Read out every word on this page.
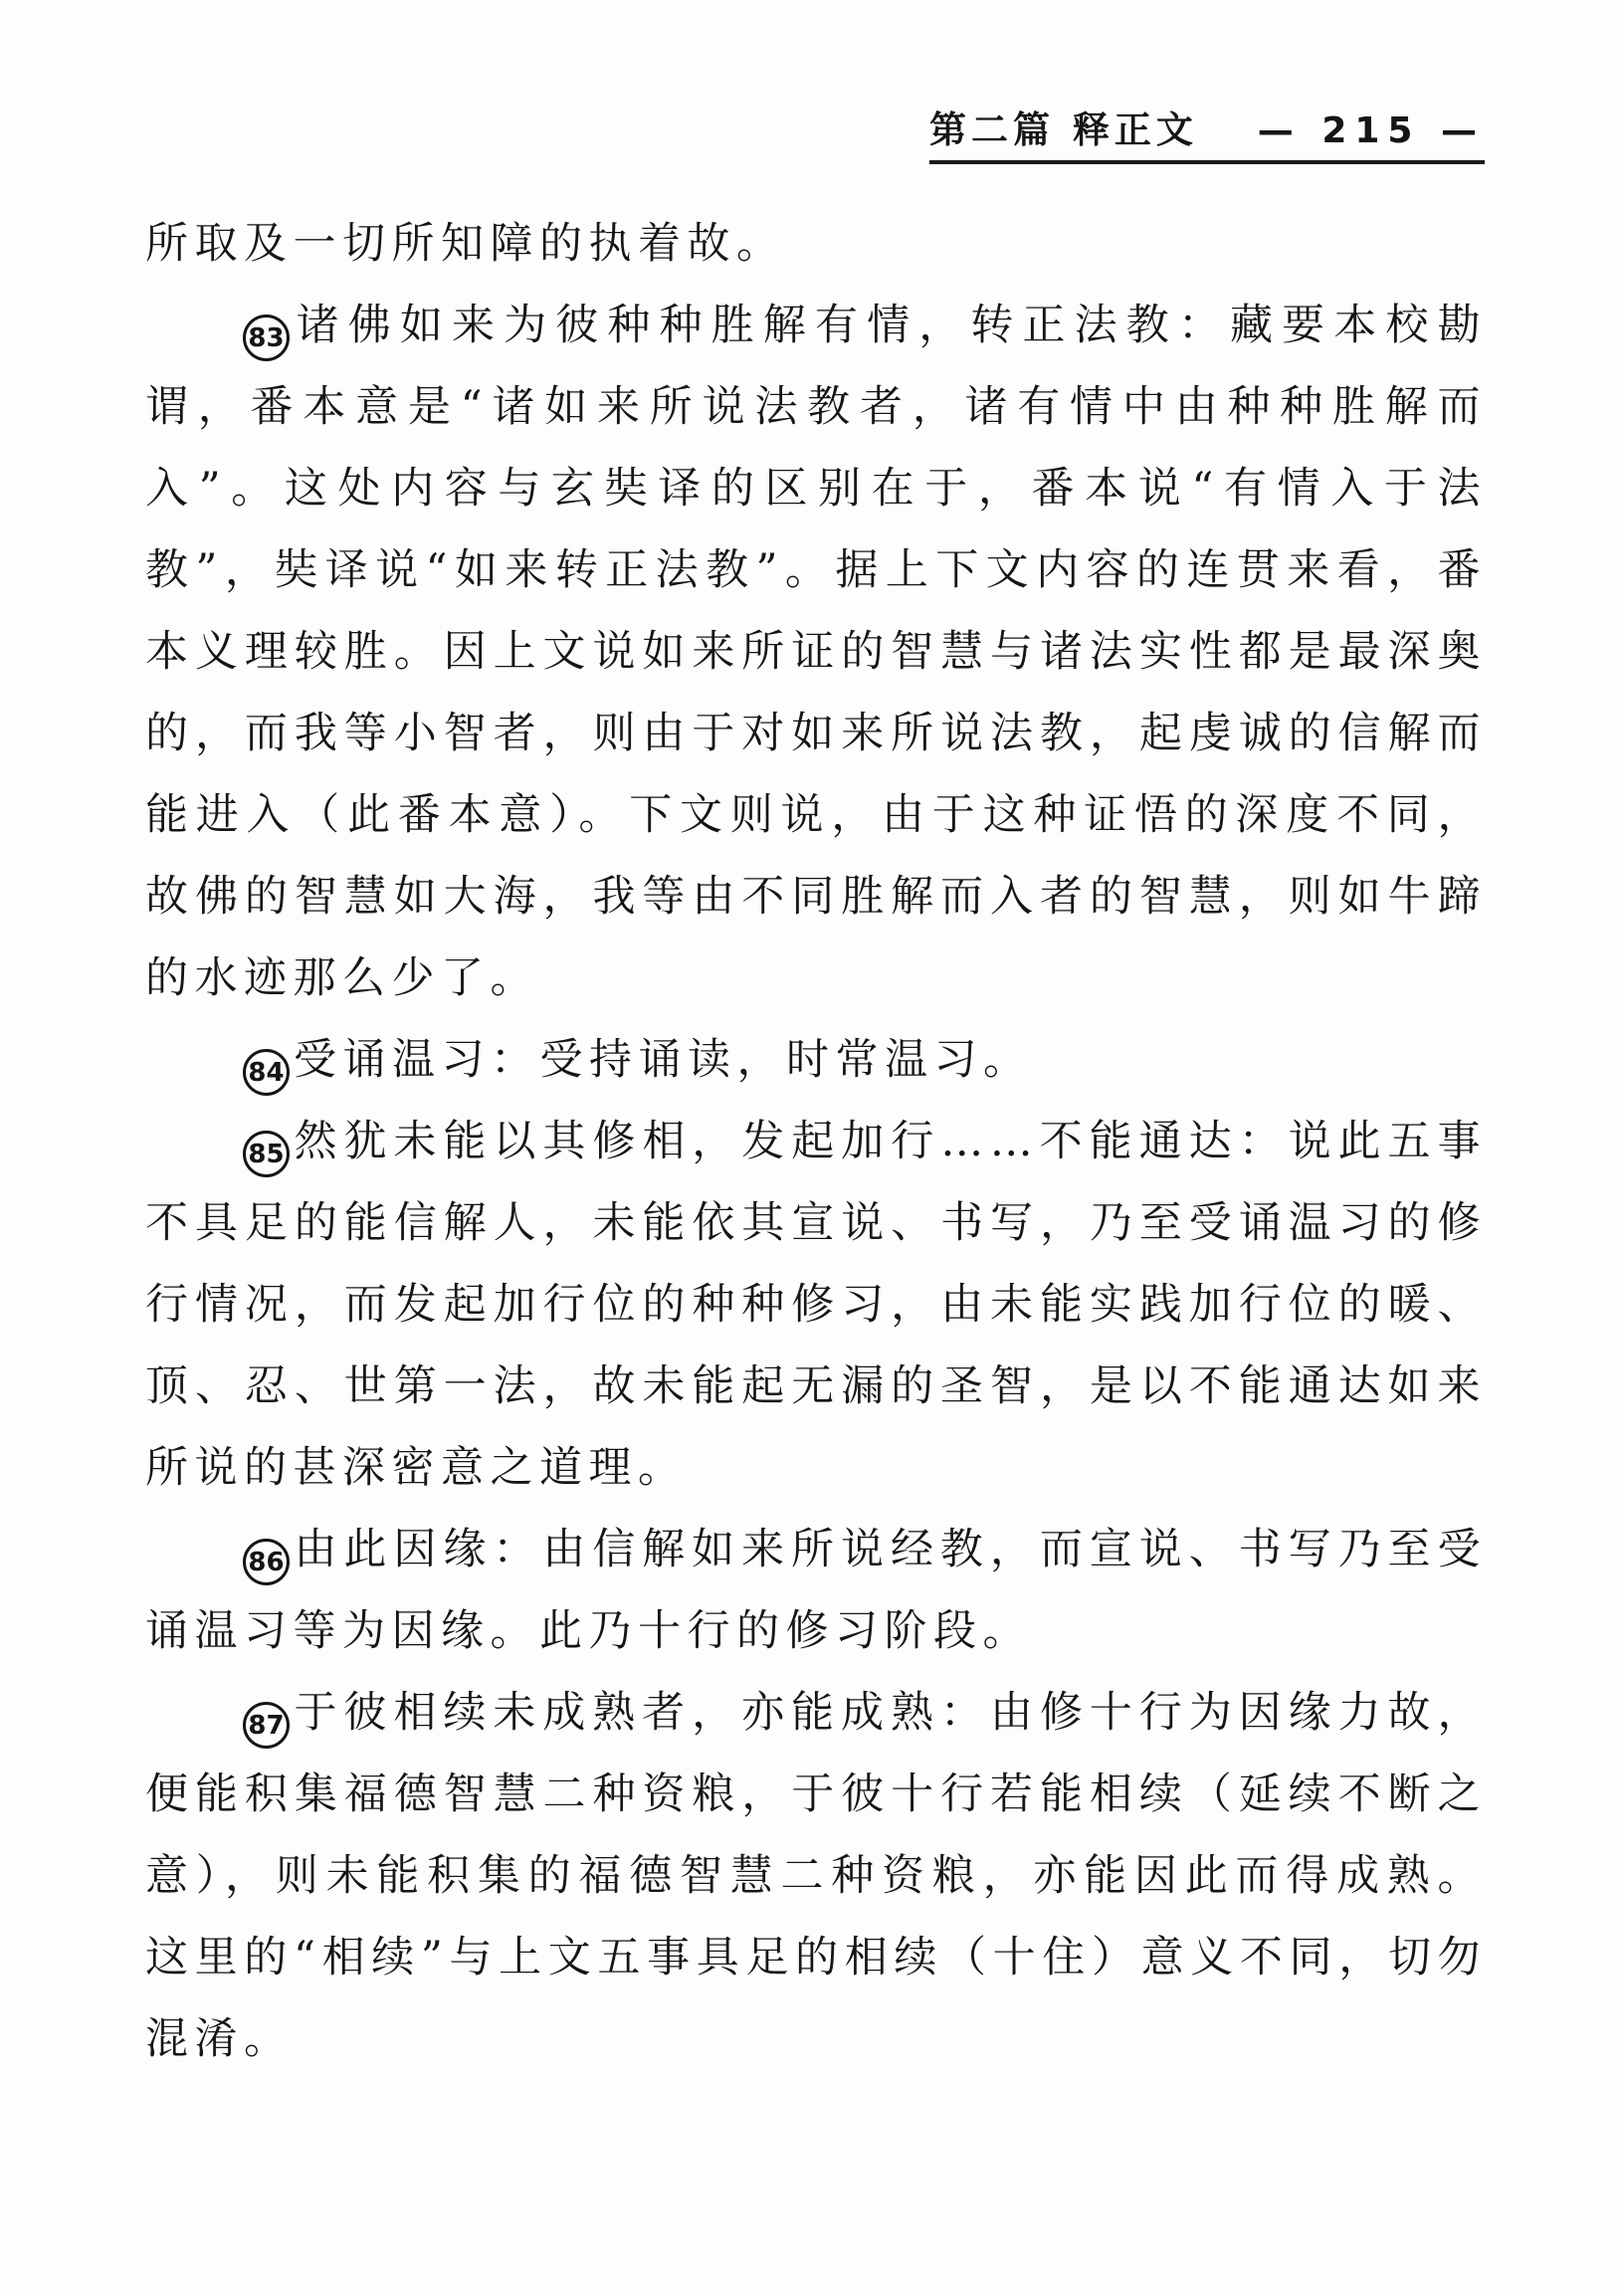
第二篇 释正文 — 215 —

所取及一切所知障的执着故。

83 诸佛如来为彼种种胜解有情，转正法教：藏要本校勘谓，番本意是“诸如来所说法教者，诸有情中由种种胜解而入”。这处内容与玄奘译的区别在于，番本说“有情入于法教”，奘译说“如来转正法教”。据上下文内容的连贯来看，番本义理较胜。因上文说如来所证的智慧与诸法实性都是最深奥的，而我等小智者，则由于对如来所说法教，起虔诚的信解而能进入（此番本意）。下文则说，由于这种证悟的深度不同，故佛的智慧如大海，我等由不同胜解而入者的智慧，则如牛蹄的水迹那么少了。

84 受诵温习：受持诵读，时常温习。

85 然犹未能以其修相，发起加行……不能通达：说此五事不具足的能信解人，未能依其宣说、书写，乃至受诵温习的修行情况，而发起加行位的种种修习，由未能实践加行位的暖、顶、忍、世第一法，故未能起无漏的圣智，是以不能通达如来所说的甚深密意之道理。

86 由此因缘：由信解如来所说经教，而宣说、书写乃至受诵温习等为因缘。此乃十行的修习阶段。

87 于彼相续未成熟者，亦能成熟：由修十行为因缘力故，便能积集福德智慧二种资粮，于彼十行若能相续（延续不断之意），则未能积集的福德智慧二种资粮，亦能因此而得成熟。这里的“相续”与上文五事具足的相续（十住）意义不同，切勿混淆。
